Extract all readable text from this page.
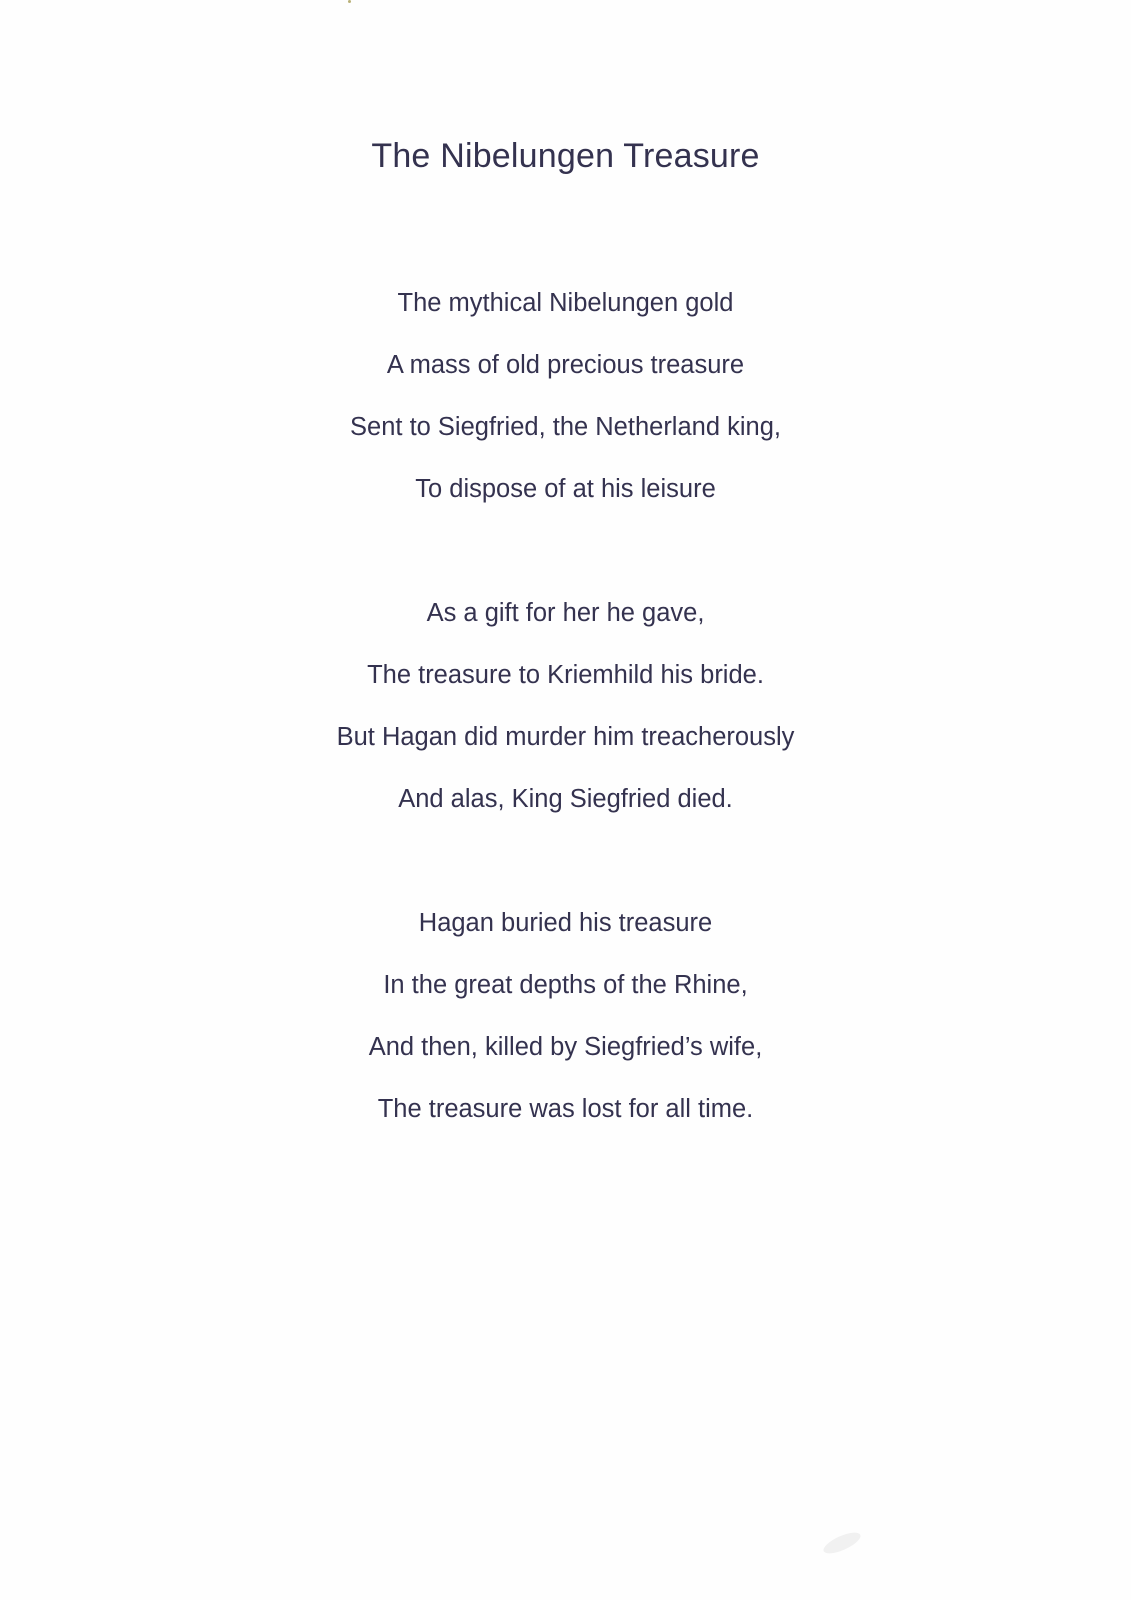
The Nibelungen Treasure
The mythical Nibelungen gold
A mass of old precious treasure
Sent to Siegfried, the Netherland king,
To dispose of at his leisure
As a gift for her he gave,
The treasure to Kriemhild his bride.
But Hagan did murder him treacherously
And alas, King Siegfried died.
Hagan buried his treasure
In the great depths of the Rhine,
And then, killed by Siegfried’s wife,
The treasure was lost for all time.
